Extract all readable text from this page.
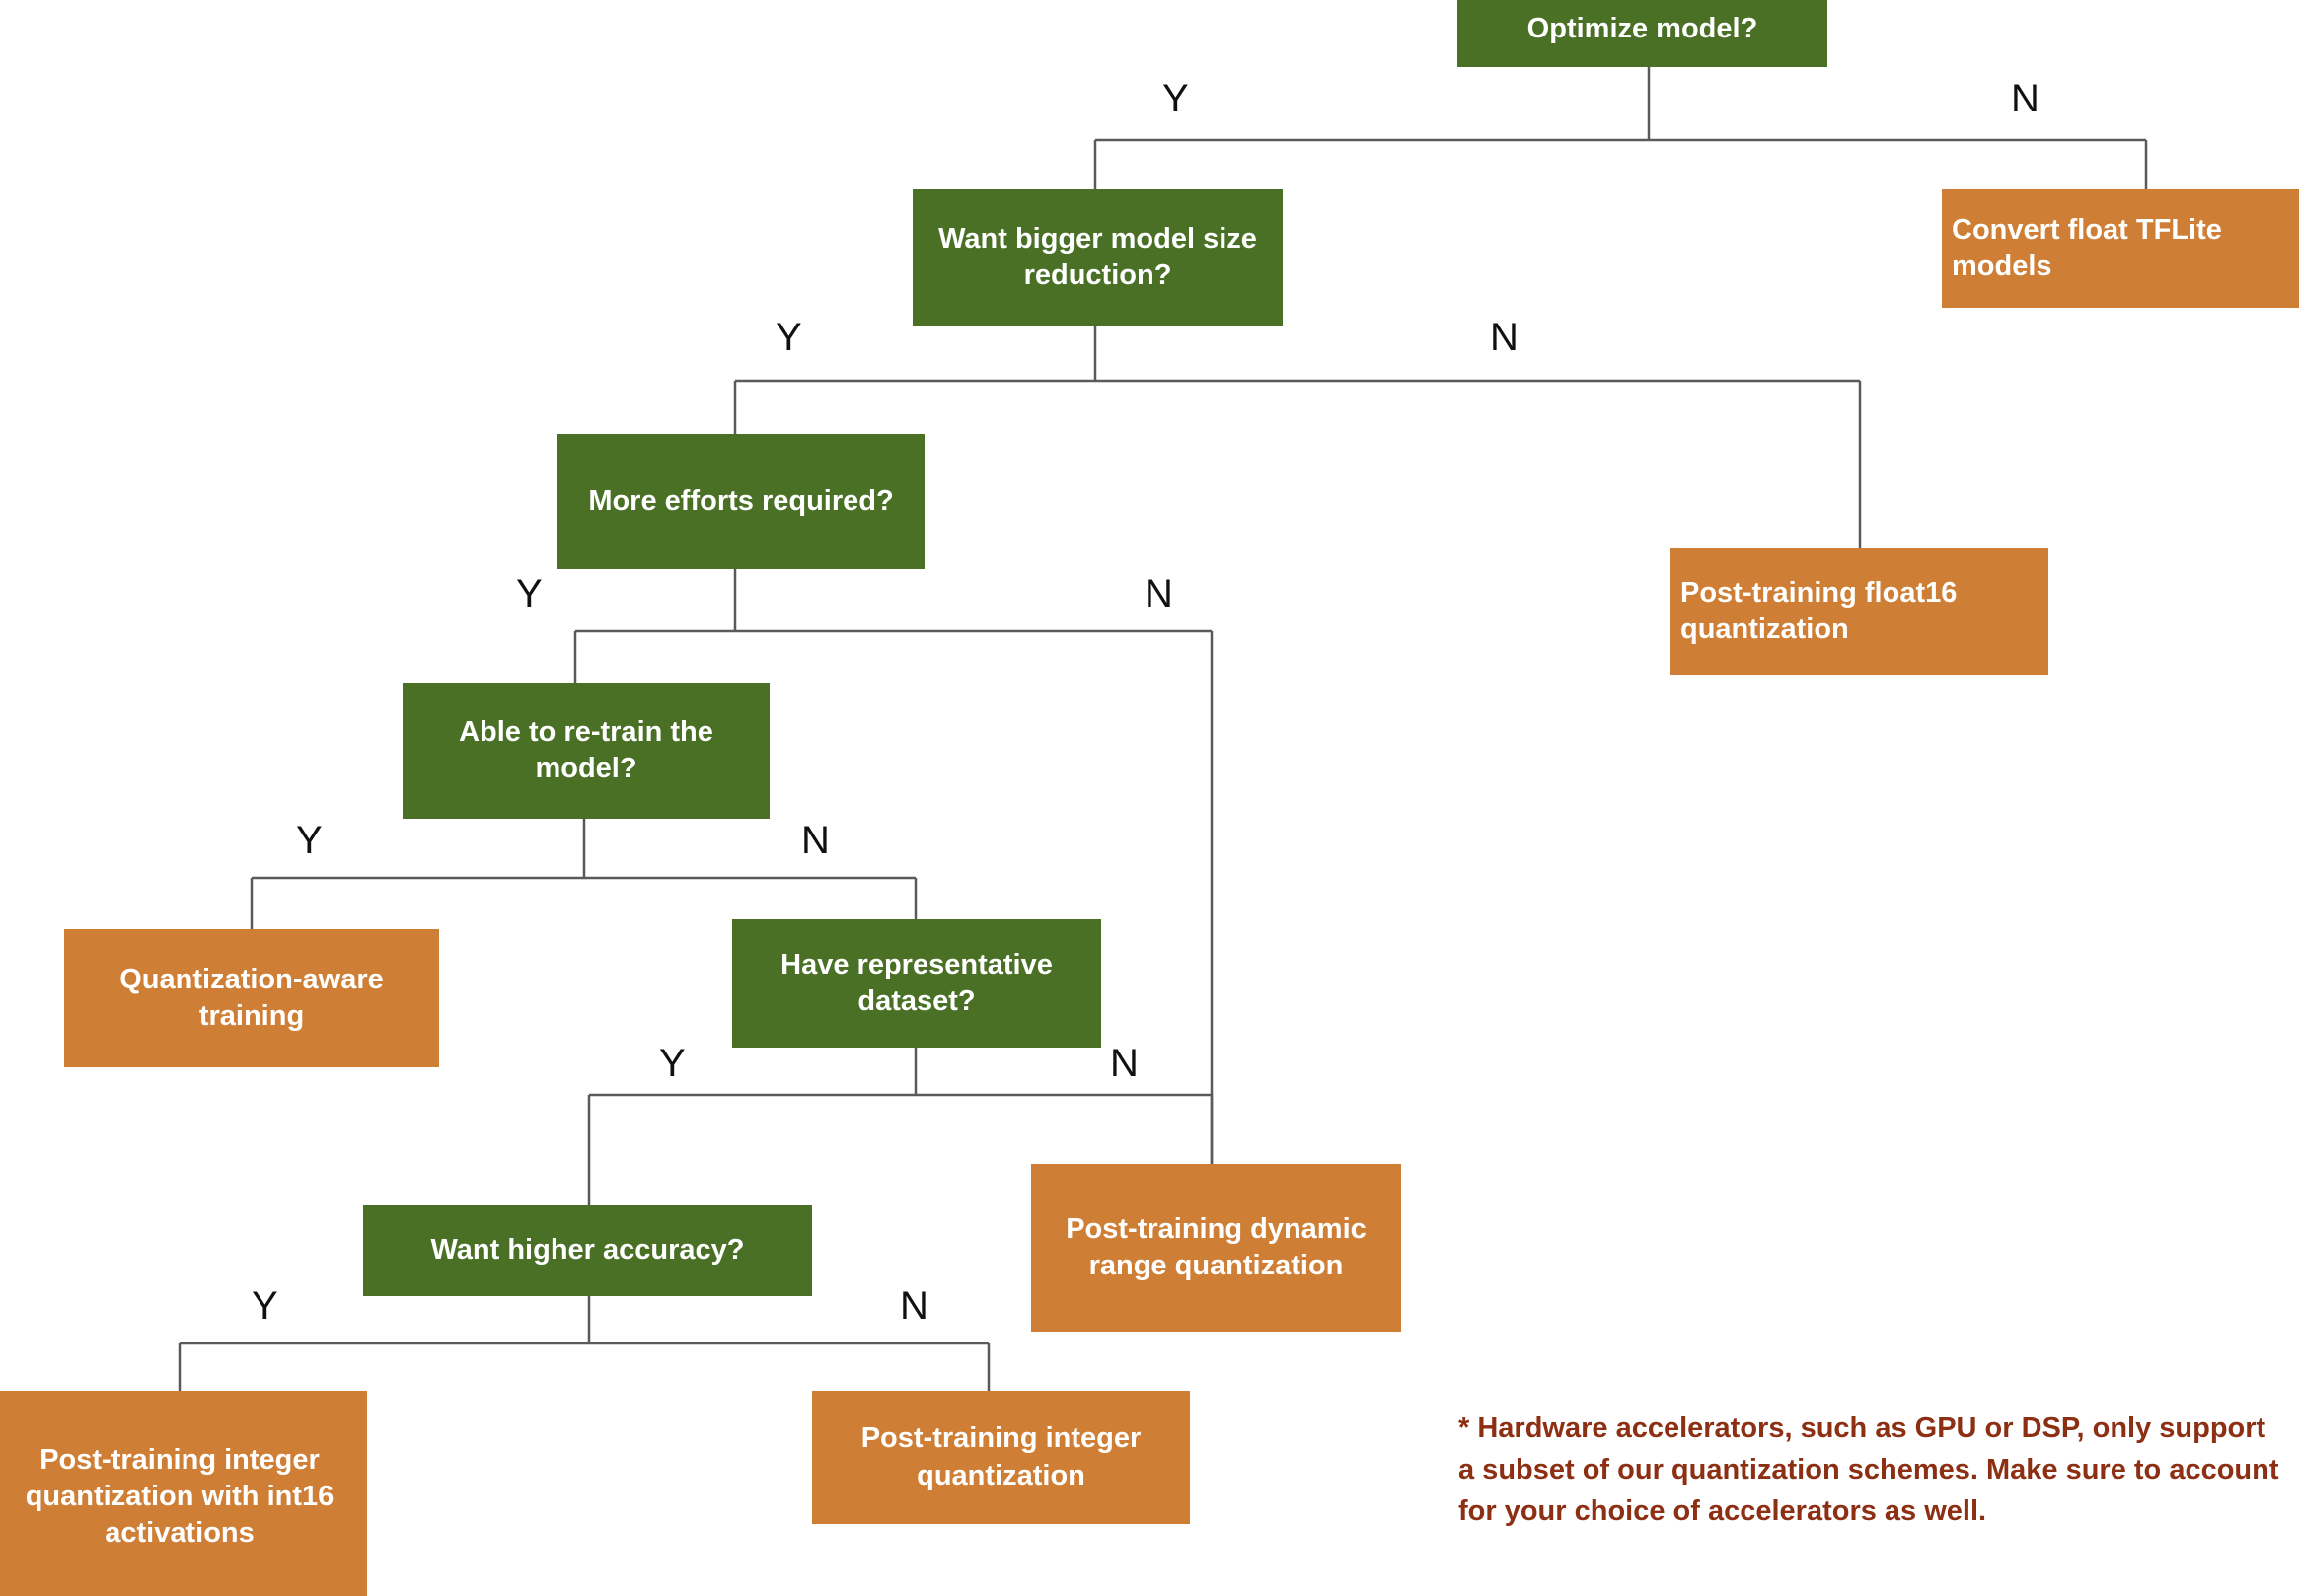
Optimize model?
Convert float TFLite models
Want bigger model size reduction?
Post-training float16 quantization
More efforts required?
Able to re-train the model?
Quantization-aware training
Have representative dataset?
Post-training dynamic range quantization
Want higher accuracy?
Post-training integer quantization with int16 activations
Post-training integer quantization
Y	N
Y	N
Y	N
Y	N
Y	N
Y	N
* Hardware accelerators, such as GPU or DSP, only support a subset of our quantization schemes. Make sure to account for your choice of accelerators as well.
